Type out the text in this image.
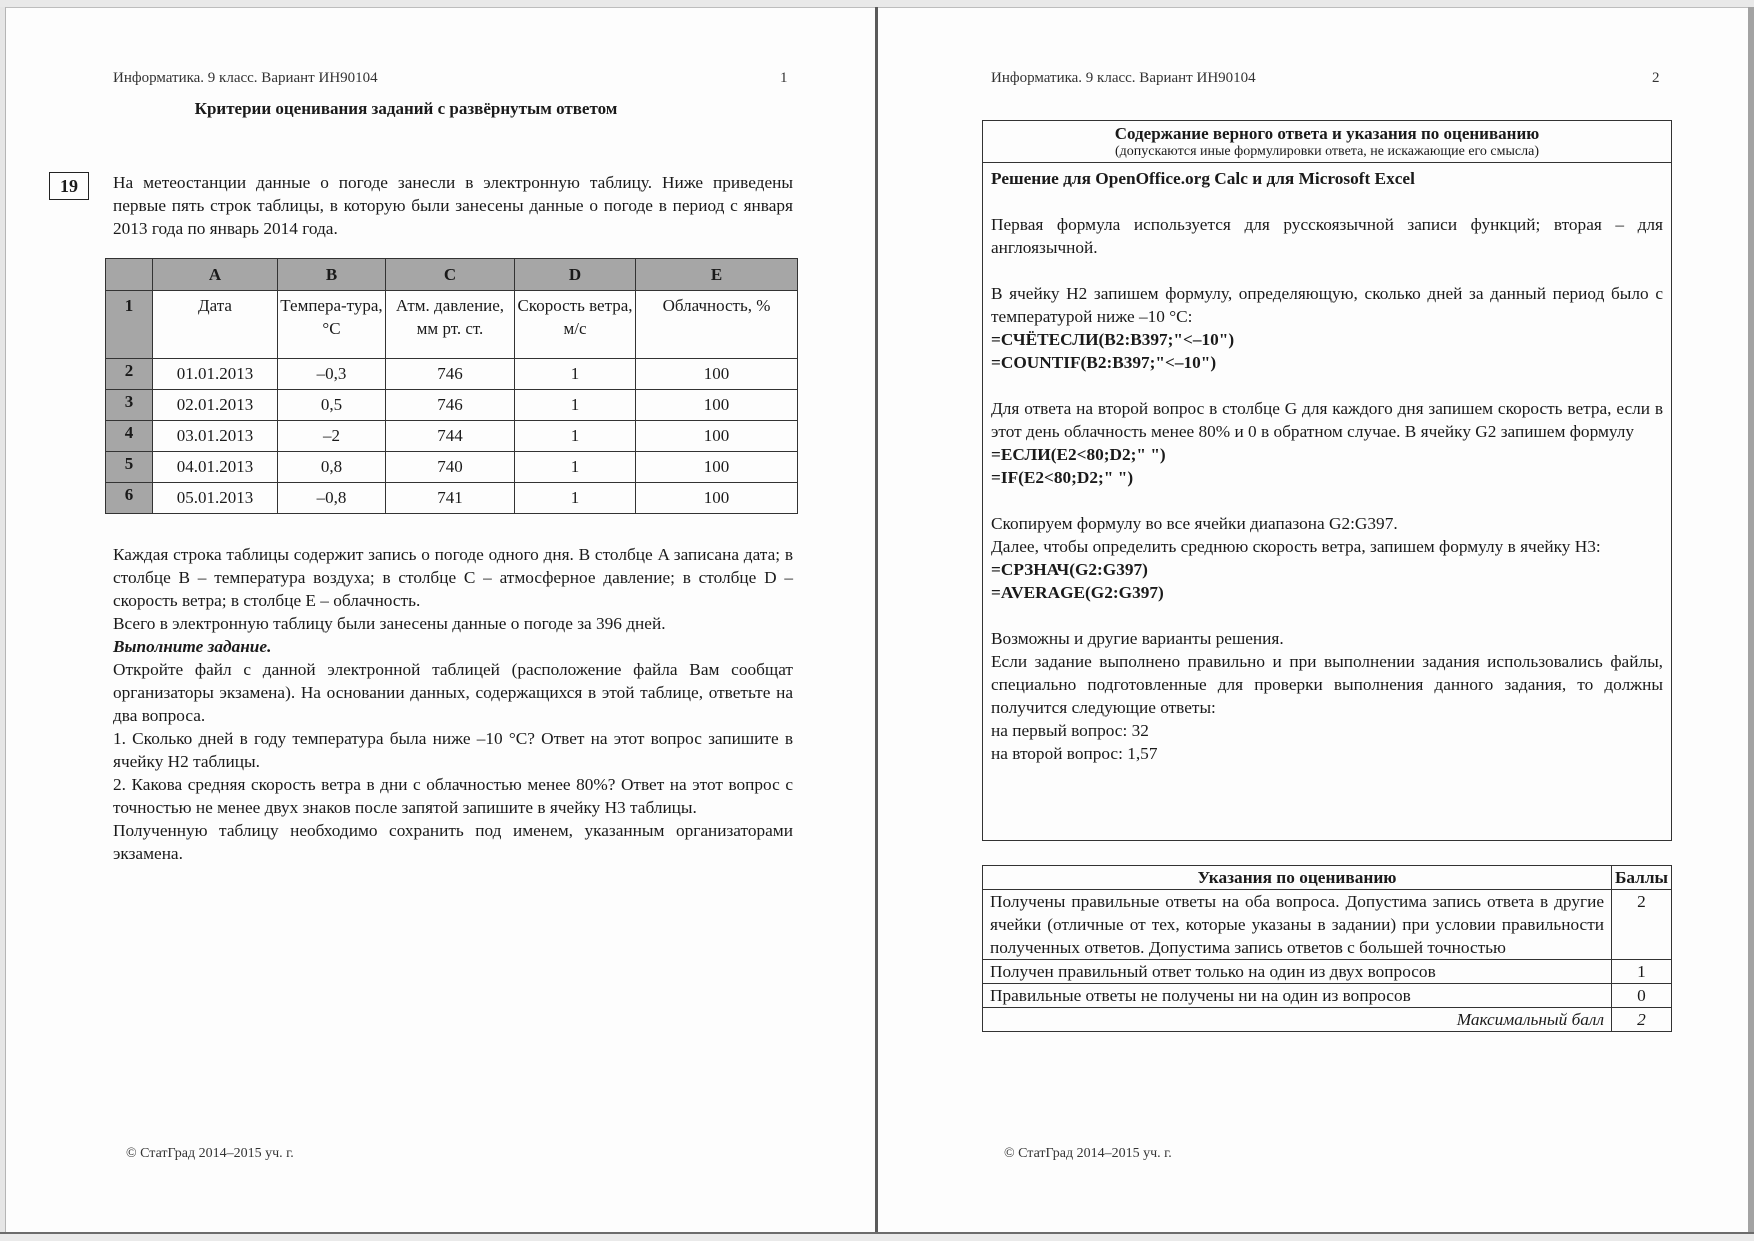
Информатика. 9 класс. Вариант ИН90104	1
Критерии оценивания заданий с развёрнутым ответом
19	На метеостанции данные о погоде занесли в электронную таблицу. Ниже приведены первые пять строк таблицы, в которую были занесены данные о погоде в период с января 2013 года по январь 2014 года.
	A	B	C	D	E
1	Дата	Темпера-тура, °C	Атм. давление, мм рт. ст.	Скорость ветра, м/с	Облачность, %
2	01.01.2013	–0,3	746	1	100
3	02.01.2013	0,5	746	1	100
4	03.01.2013	–2	744	1	100
5	04.01.2013	0,8	740	1	100
6	05.01.2013	–0,8	741	1	100

Каждая строка таблицы содержит запись о погоде одного дня. В столбце A записана дата; в столбце B – температура воздуха; в столбце C – атмосферное давление; в столбце D – скорость ветра; в столбце E – облачность.

Всего в электронную таблицу были занесены данные о погоде за 396 дней.

Выполните задание.

Откройте файл с данной электронной таблицей (расположение файла Вам сообщат организаторы экзамена). На основании данных, содержащихся в этой таблице, ответьте на два вопроса.

1. Сколько дней в году температура была ниже –10 °С? Ответ на этот вопрос запишите в ячейку H2 таблицы.

2. Какова средняя скорость ветра в дни с облачностью менее 80%? Ответ на этот вопрос с точностью не менее двух знаков после запятой запишите в ячейку H3 таблицы.

Полученную таблицу необходимо сохранить под именем, указанным организаторами экзамена.

© СтатГрад 2014–2015 уч. г.
Информатика. 9 класс. Вариант ИН90104	2
Содержание верного ответа и указания по оцениванию
(допускаются иные формулировки ответа, не искажающие его смысла)

Решение для OpenOffice.org Calc и для Microsoft Excel

Первая формула используется для русскоязычной записи функций; вторая – для англоязычной.

В ячейку H2 запишем формулу, определяющую, сколько дней за данный период было с температурой ниже –10 °С:

=СЧЁТЕСЛИ(B2:B397;"<–10")

=COUNTIF(B2:B397;"<–10")

Для ответа на второй вопрос в столбце G для каждого дня запишем скорость ветра, если в этот день облачность менее 80% и 0 в обратном случае. В ячейку G2 запишем формулу

=ЕСЛИ(E2<80;D2;" ")

=IF(E2<80;D2;" ")

Скопируем формулу во все ячейки диапазона G2:G397.

Далее, чтобы определить среднюю скорость ветра, запишем формулу в ячейку H3:

=СРЗНАЧ(G2:G397)

=AVERAGE(G2:G397)

Возможны и другие варианты решения.

Если задание выполнено правильно и при выполнении задания использовались файлы, специально подготовленные для проверки выполнения данного задания, то должны получится следующие ответы:

на первый вопрос: 32

на второй вопрос: 1,57

Указания по оцениванию	Баллы
Получены правильные ответы на оба вопроса. Допустима запись ответа в другие ячейки (отличные от тех, которые указаны в задании) при условии правильности полученных ответов. Допустима запись ответов с большей точностью	2
Получен правильный ответ только на один из двух вопросов	1
Правильные ответы не получены ни на один из вопросов	0
Максимальный балл	2
© СтатГрад 2014–2015 уч. г.
